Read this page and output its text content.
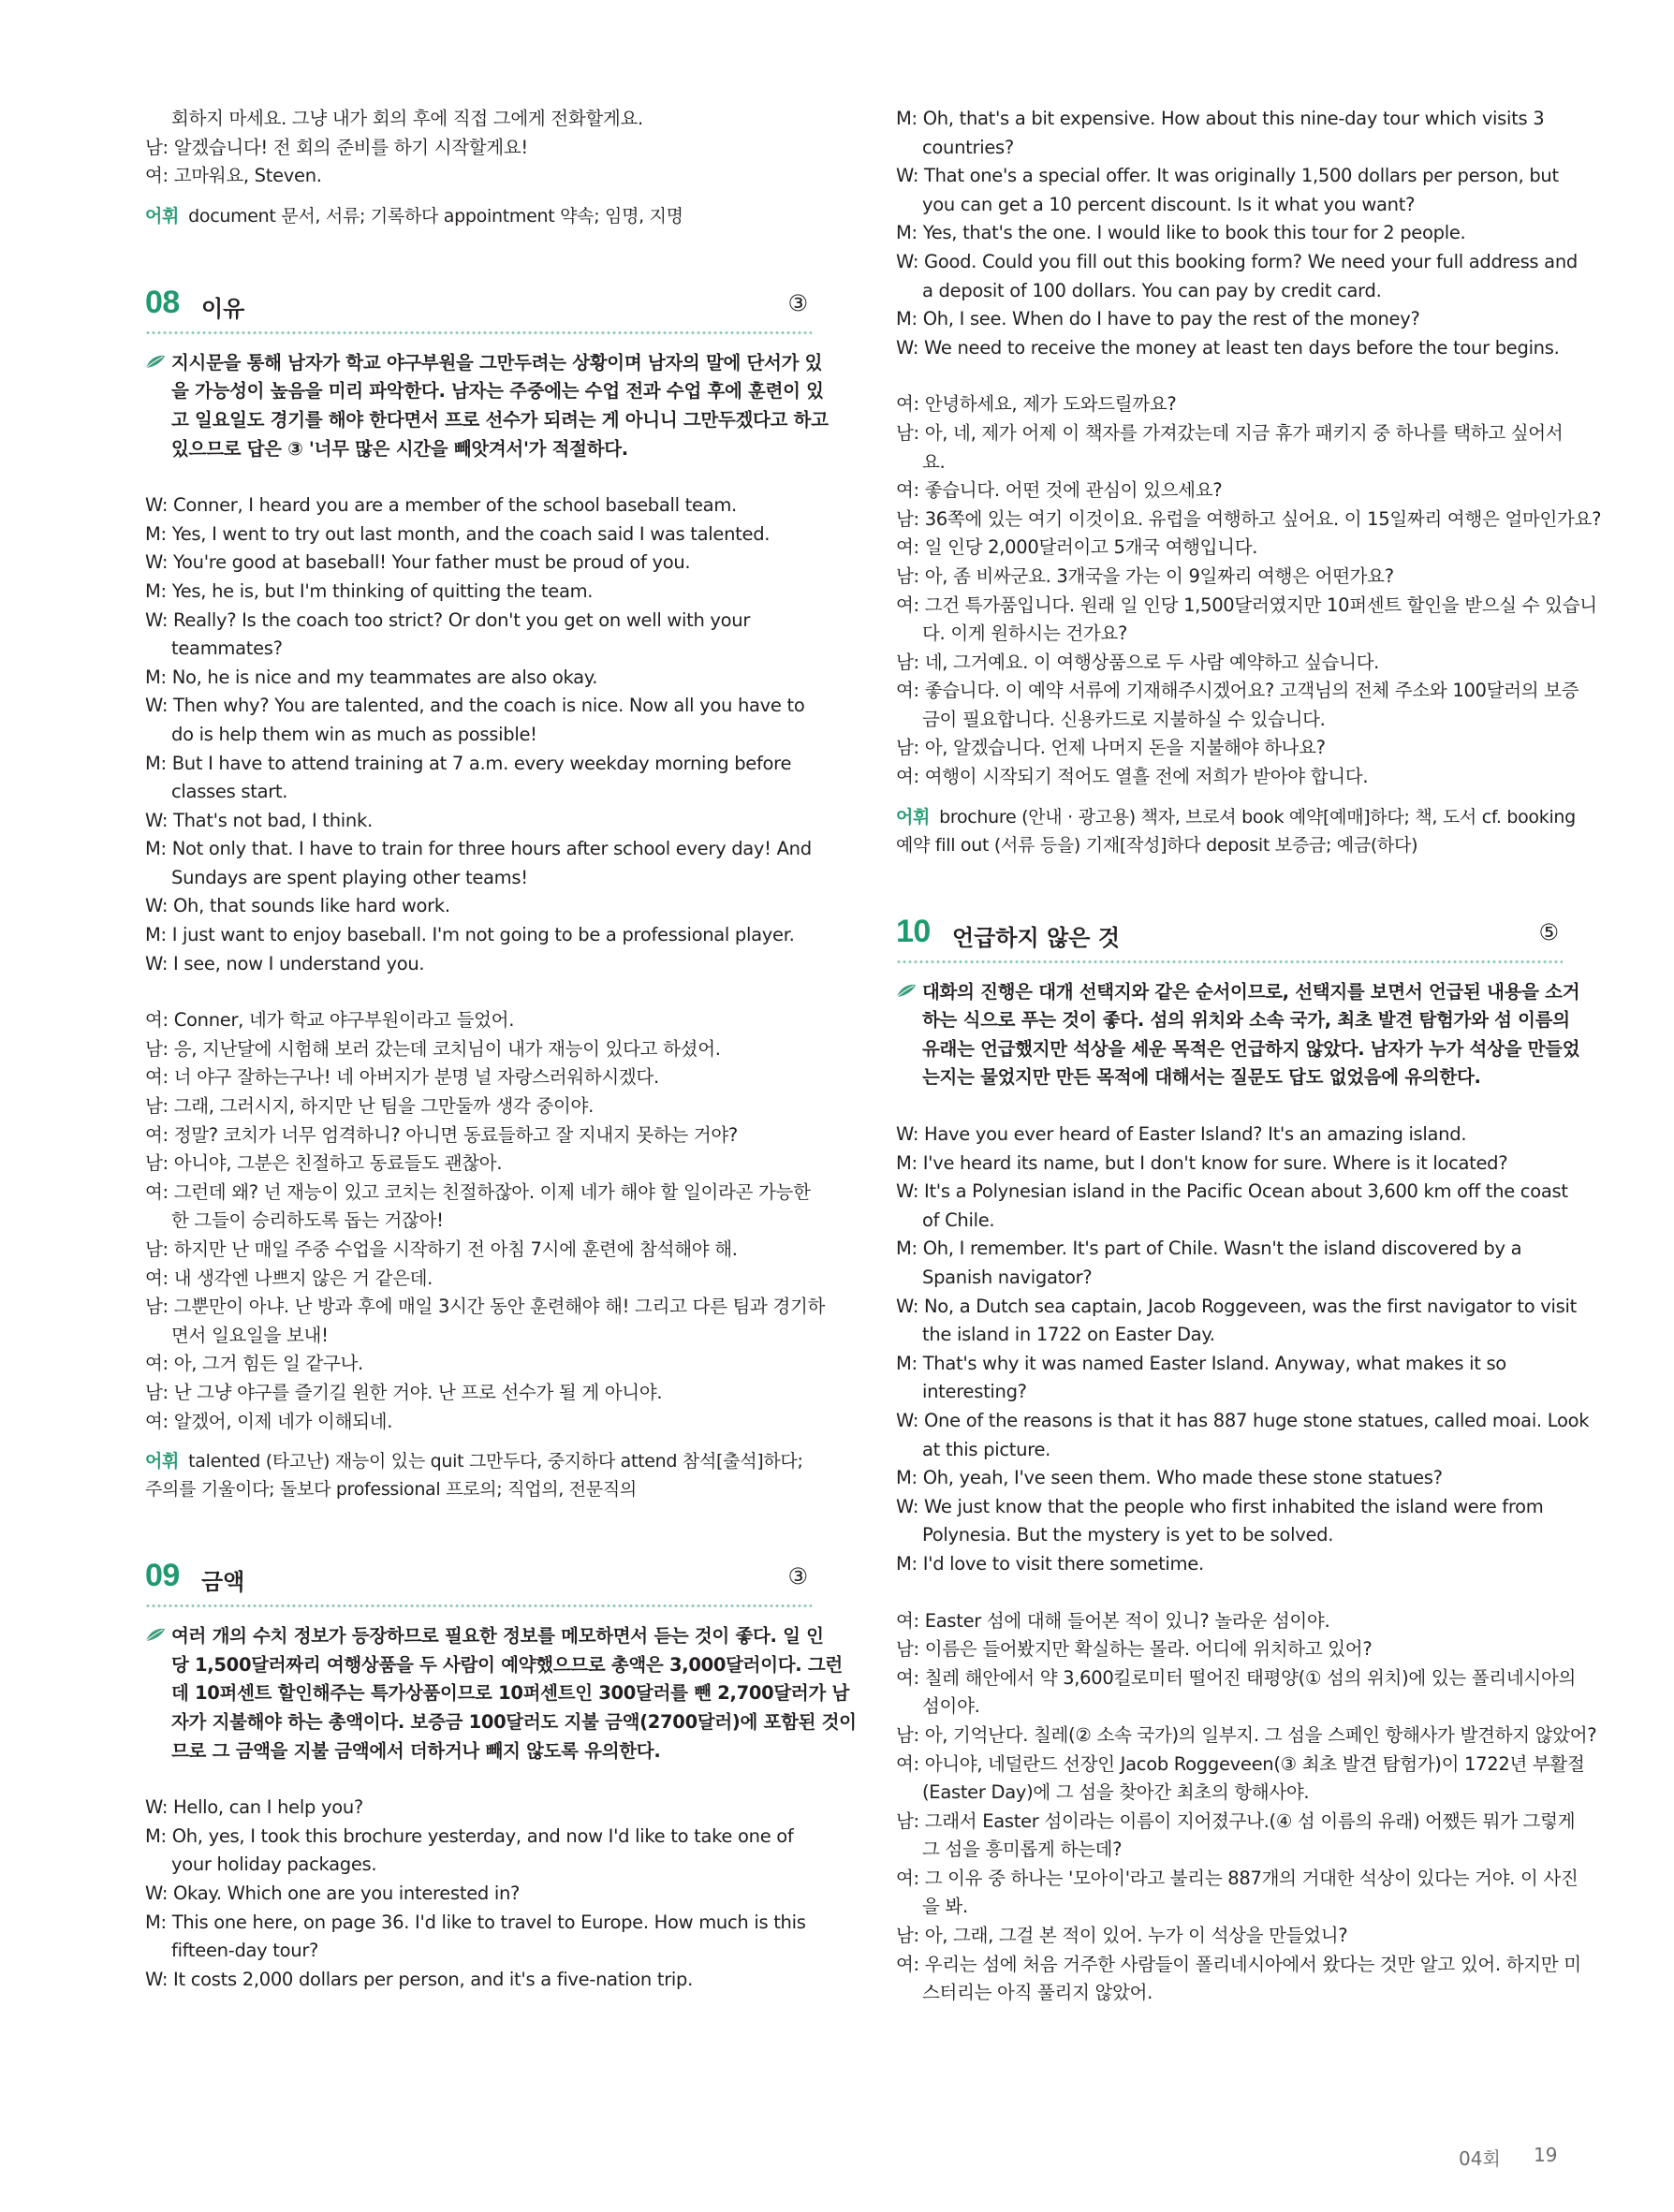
회하지 마세요. 그냥 내가 회의 후에 직접 그에게 전화할게요.
남: 알겠습니다! 전 회의 준비를 하기 시작할게요!
여: 고마워요, Steven.
어휘 document 문서, 서류; 기록하다 appointment 약속; 임명, 지명
08 이유	③
지시문을 통해 남자가 학교 야구부원을 그만두려는 상황이며 남자의 말에 단서가 있
을 가능성이 높음을 미리 파악한다. 남자는 주중에는 수업 전과 수업 후에 훈련이 있
고 일요일도 경기를 해야 한다면서 프로 선수가 되려는 게 아니니 그만두겠다고 하고
있으므로 답은 ③ '너무 많은 시간을 빼앗겨서'가 적절하다.
W: Conner, I heard you are a member of the school baseball team.
M: Yes, I went to try out last month, and the coach said I was talented.
W: You're good at baseball! Your father must be proud of you.
M: Yes, he is, but I'm thinking of quitting the team.
W: Really? Is the coach too strict? Or don't you get on well with your
teammates?
M: No, he is nice and my teammates are also okay.
W: Then why? You are talented, and the coach is nice. Now all you have to
do is help them win as much as possible!
M: But I have to attend training at 7 a.m. every weekday morning before
classes start.
W: That's not bad, I think.
M: Not only that. I have to train for three hours after school every day! And
Sundays are spent playing other teams!
W: Oh, that sounds like hard work.
M: I just want to enjoy baseball. I'm not going to be a professional player.
W: I see, now I understand you.
여: Conner, 네가 학교 야구부원이라고 들었어.
남: 응, 지난달에 시험해 보러 갔는데 코치님이 내가 재능이 있다고 하셨어.
여: 너 야구 잘하는구나! 네 아버지가 분명 널 자랑스러워하시겠다.
남: 그래, 그러시지, 하지만 난 팀을 그만둘까 생각 중이야.
여: 정말? 코치가 너무 엄격하니? 아니면 동료들하고 잘 지내지 못하는 거야?
남: 아니야, 그분은 친절하고 동료들도 괜찮아.
여: 그런데 왜? 넌 재능이 있고 코치는 친절하잖아. 이제 네가 해야 할 일이라곤 가능한
한 그들이 승리하도록 돕는 거잖아!
남: 하지만 난 매일 주중 수업을 시작하기 전 아침 7시에 훈련에 참석해야 해.
여: 내 생각엔 나쁘지 않은 거 같은데.
남: 그뿐만이 아냐. 난 방과 후에 매일 3시간 동안 훈련해야 해! 그리고 다른 팀과 경기하
면서 일요일을 보내!
여: 아, 그거 힘든 일 같구나.
남: 난 그냥 야구를 즐기길 원한 거야. 난 프로 선수가 될 게 아니야.
여: 알겠어, 이제 네가 이해되네.
어휘 talented (타고난) 재능이 있는 quit 그만두다, 중지하다 attend 참석[출석]하다;
주의를 기울이다; 돌보다 professional 프로의; 직업의, 전문직의
09 금액	③
여러 개의 수치 정보가 등장하므로 필요한 정보를 메모하면서 듣는 것이 좋다. 일 인
당 1,500달러짜리 여행상품을 두 사람이 예약했으므로 총액은 3,000달러이다. 그런
데 10퍼센트 할인해주는 특가상품이므로 10퍼센트인 300달러를 뺀 2,700달러가 남
자가 지불해야 하는 총액이다. 보증금 100달러도 지불 금액(2700달러)에 포함된 것이
므로 그 금액을 지불 금액에서 더하거나 빼지 않도록 유의한다.
W: Hello, can I help you?
M: Oh, yes, I took this brochure yesterday, and now I'd like to take one of
your holiday packages.
W: Okay. Which one are you interested in?
M: This one here, on page 36. I'd like to travel to Europe. How much is this
fifteen-day tour?
W: It costs 2,000 dollars per person, and it's a five-nation trip.
M: Oh, that's a bit expensive. How about this nine-day tour which visits 3
countries?
W: That one's a special offer. It was originally 1,500 dollars per person, but
you can get a 10 percent discount. Is it what you want?
M: Yes, that's the one. I would like to book this tour for 2 people.
W: Good. Could you fill out this booking form? We need your full address and
a deposit of 100 dollars. You can pay by credit card.
M: Oh, I see. When do I have to pay the rest of the money?
W: We need to receive the money at least ten days before the tour begins.
여: 안녕하세요, 제가 도와드릴까요?
남: 아, 네, 제가 어제 이 책자를 가져갔는데 지금 휴가 패키지 중 하나를 택하고 싶어서
요.
여: 좋습니다. 어떤 것에 관심이 있으세요?
남: 36쪽에 있는 여기 이것이요. 유럽을 여행하고 싶어요. 이 15일짜리 여행은 얼마인가요?
여: 일 인당 2,000달러이고 5개국 여행입니다.
남: 아, 좀 비싸군요. 3개국을 가는 이 9일짜리 여행은 어떤가요?
여: 그건 특가품입니다. 원래 일 인당 1,500달러였지만 10퍼센트 할인을 받으실 수 있습니
다. 이게 원하시는 건가요?
남: 네, 그거예요. 이 여행상품으로 두 사람 예약하고 싶습니다.
여: 좋습니다. 이 예약 서류에 기재해주시겠어요? 고객님의 전체 주소와 100달러의 보증
금이 필요합니다. 신용카드로 지불하실 수 있습니다.
남: 아, 알겠습니다. 언제 나머지 돈을 지불해야 하나요?
여: 여행이 시작되기 적어도 열흘 전에 저희가 받아야 합니다.
어휘 brochure (안내 · 광고용) 책자, 브로셔 book 예약[예매]하다; 책, 도서 cf. booking
예약 fill out (서류 등을) 기재[작성]하다 deposit 보증금; 예금(하다)
10 언급하지 않은 것	⑤
대화의 진행은 대개 선택지와 같은 순서이므로, 선택지를 보면서 언급된 내용을 소거
하는 식으로 푸는 것이 좋다. 섬의 위치와 소속 국가, 최초 발견 탐험가와 섬 이름의
유래는 언급했지만 석상을 세운 목적은 언급하지 않았다. 남자가 누가 석상을 만들었
는지는 물었지만 만든 목적에 대해서는 질문도 답도 없었음에 유의한다.
W: Have you ever heard of Easter Island? It's an amazing island.
M: I've heard its name, but I don't know for sure. Where is it located?
W: It's a Polynesian island in the Pacific Ocean about 3,600 km off the coast
of Chile.
M: Oh, I remember. It's part of Chile. Wasn't the island discovered by a
Spanish navigator?
W: No, a Dutch sea captain, Jacob Roggeveen, was the first navigator to visit
the island in 1722 on Easter Day.
M: That's why it was named Easter Island. Anyway, what makes it so
interesting?
W: One of the reasons is that it has 887 huge stone statues, called moai. Look
at this picture.
M: Oh, yeah, I've seen them. Who made these stone statues?
W: We just know that the people who first inhabited the island were from
Polynesia. But the mystery is yet to be solved.
M: I'd love to visit there sometime.
여: Easter 섬에 대해 들어본 적이 있니? 놀라운 섬이야.
남: 이름은 들어봤지만 확실하는 몰라. 어디에 위치하고 있어?
여: 칠레 해안에서 약 3,600킬로미터 떨어진 태평양(① 섬의 위치)에 있는 폴리네시아의
섬이야.
남: 아, 기억난다. 칠레(② 소속 국가)의 일부지. 그 섬을 스페인 항해사가 발견하지 않았어?
여: 아니야, 네덜란드 선장인 Jacob Roggeveen(③ 최초 발견 탐험가)이 1722년 부활절
(Easter Day)에 그 섬을 찾아간 최초의 항해사야.
남: 그래서 Easter 섬이라는 이름이 지어졌구나.(④ 섬 이름의 유래) 어쨌든 뭐가 그렇게
그 섬을 흥미롭게 하는데?
여: 그 이유 중 하나는 '모아이'라고 불리는 887개의 거대한 석상이 있다는 거야. 이 사진
을 봐.
남: 아, 그래, 그걸 본 적이 있어. 누가 이 석상을 만들었니?
여: 우리는 섬에 처음 거주한 사람들이 폴리네시아에서 왔다는 것만 알고 있어. 하지만 미
스터리는 아직 풀리지 않았어.
04회 19
